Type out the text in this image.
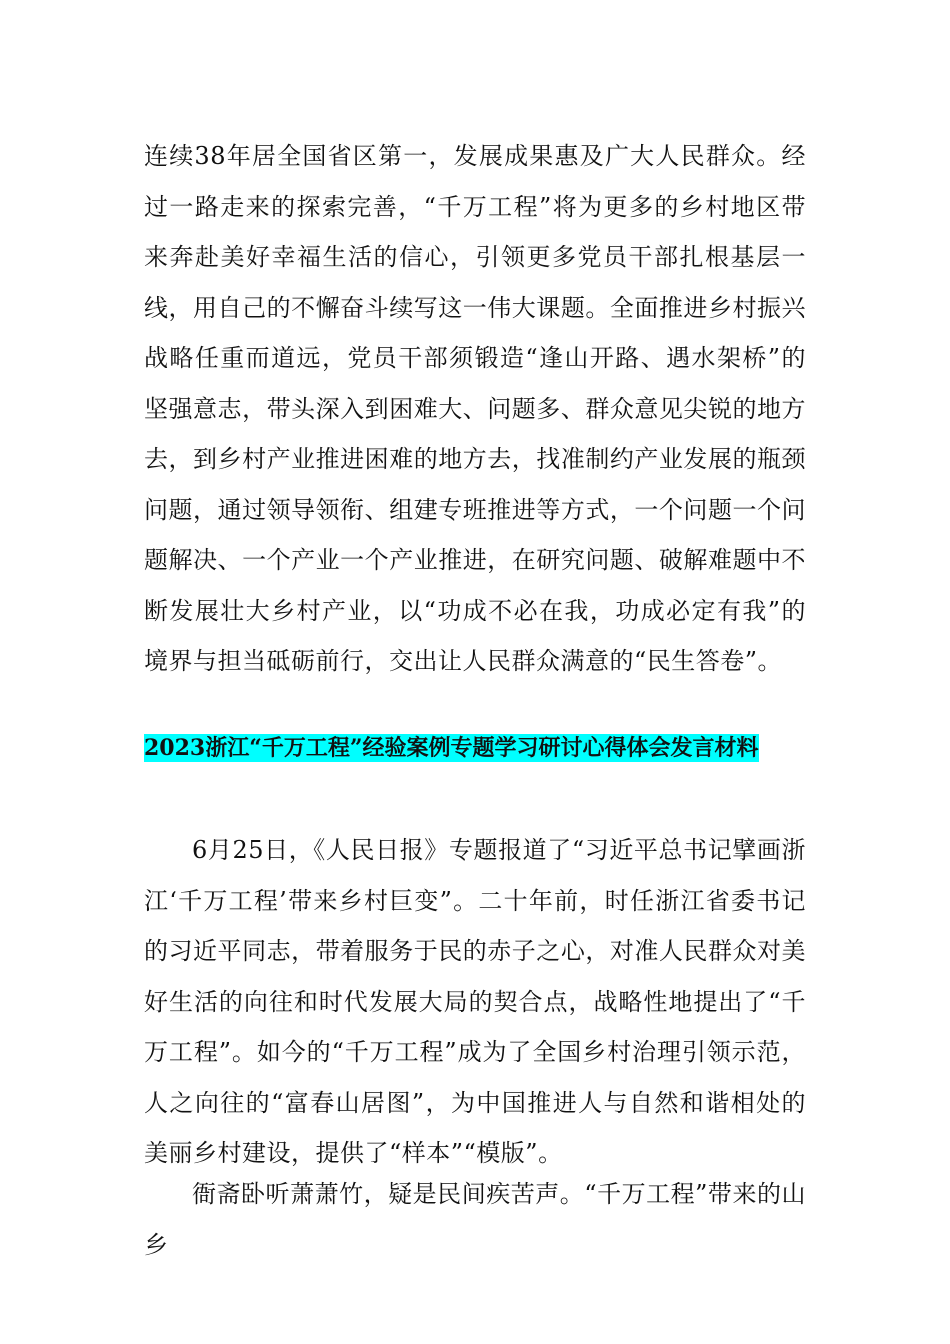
连续38年居全国省区第一，发展成果惠及广大人民群众。经过一路走来的探索完善，“千万工程”将为更多的乡村地区带来奔赴美好幸福生活的信心，引领更多党员干部扎根基层一线，用自己的不懈奋斗续写这一伟大课题。全面推进乡村振兴战略任重而道远，党员干部须锻造“逢山开路、遇水架桥”的坚强意志，带头深入到困难大、问题多、群众意见尖锐的地方去，到乡村产业推进困难的地方去，找准制约产业发展的瓶颈问题，通过领导领衔、组建专班推进等方式，一个问题一个问题解决、一个产业一个产业推进，在研究问题、破解难题中不断发展壮大乡村产业，以“功成不必在我，功成必定有我”的境界与担当砥砺前行，交出让人民群众满意的“民生答卷”。

2023浙江“千万工程”经验案例专题学习研讨心得体会发言材料

6月25日，《人民日报》专题报道了“习近平总书记擘画浙江‘千万工程’带来乡村巨变”。二十年前，时任浙江省委书记的习近平同志，带着服务于民的赤子之心，对准人民群众对美好生活的向往和时代发展大局的契合点，战略性地提出了“千万工程”。如今的“千万工程”成为了全国乡村治理引领示范，人之向往的“富春山居图”，为中国推进人与自然和谐相处的美丽乡村建设，提供了“样本”“模版”。

衙斋卧听萧萧竹，疑是民间疾苦声。“千万工程”带来的山乡
